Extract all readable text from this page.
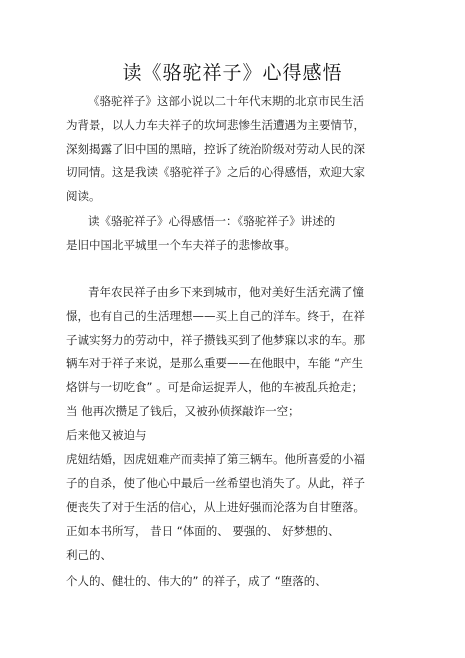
读《骆驼祥子》心得感悟
《骆驼祥子》这部小说以二十年代末期的北京市民生活
为背景，以人力车夫祥子的坎坷悲惨生活遭遇为主要情节，
深刻揭露了旧中国的黑暗，控诉了统治阶级对劳动人民的深
切同情。这是我读《骆驼祥子》之后的心得感悟，欢迎大家
阅读。
读《骆驼祥子》心得感悟一：《骆驼祥子》讲述的
是旧中国北平城里一个车夫祥子的悲惨故事。
青年农民祥子由乡下来到城市，他对美好生活充满了憧
憬，也有自己的生活理想——买上自己的洋车。终于，在祥
子诚实努力的劳动中，祥子攒钱买到了他梦寐以求的车。那
辆车对于祥子来说，是那么重要——在他眼中，车能 “产生
烙饼与一切吃食” 。可是命运捉弄人，他的车被乱兵抢走；
当 他再次攒足了钱后，又被孙侦探敲诈一空；
后来他又被迫与
虎妞结婚，因虎妞难产而卖掉了第三辆车。他所喜爱的小福
子的自杀，使了他心中最后一丝希望也消失了。从此，祥子
便丧失了对于生活的信心，从上进好强而沦落为自甘堕落。
正如本书所写， 昔日 “体面的、 要强的、 好梦想的、
利己的、
个人的、健壮的、伟大的” 的祥子，成了 “堕落的、
